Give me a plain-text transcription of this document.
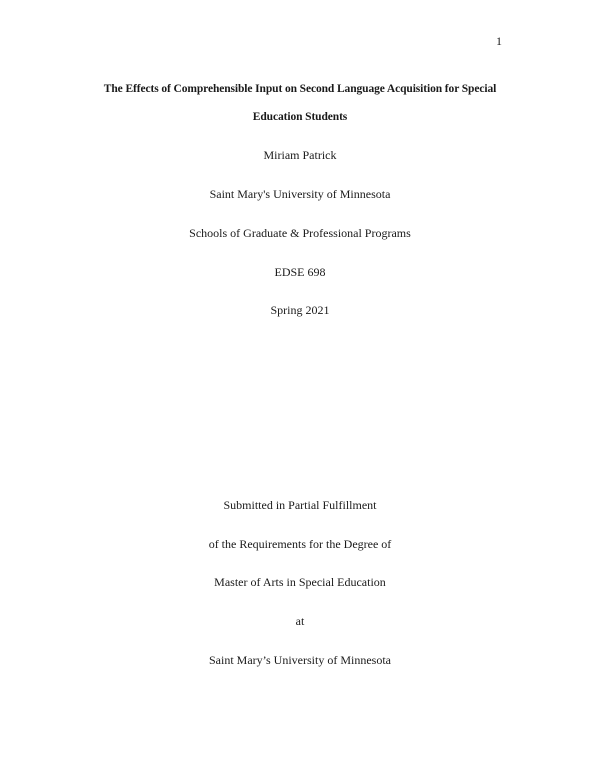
1
The Effects of Comprehensible Input on Second Language Acquisition for Special
Education Students
Miriam Patrick
Saint Mary's University of Minnesota
Schools of Graduate & Professional Programs
EDSE 698
Spring 2021
Submitted in Partial Fulfillment
of the Requirements for the Degree of
Master of Arts in Special Education
at
Saint Mary’s University of Minnesota
